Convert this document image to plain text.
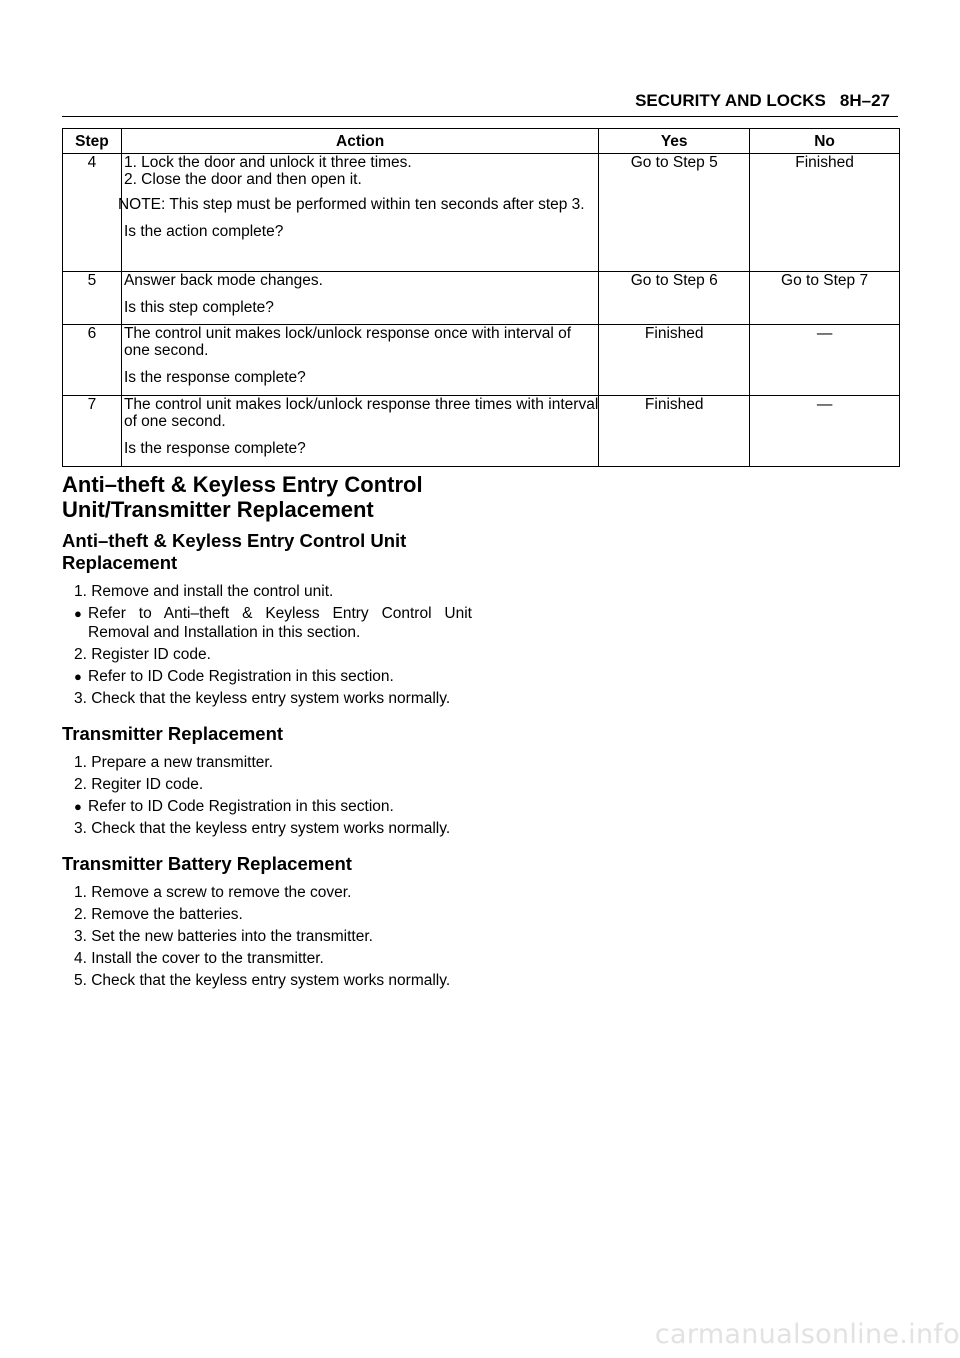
SECURITY AND LOCKS 8H–27
Step	Action	Yes	No
4	1. Lock the door and unlock it three times.
2. Close the door and then open it.
NOTE: This step must be performed within ten seconds after step 3.
Is the action complete?	Go to Step 5	Finished
5	Answer back mode changes.
Is this step complete?	Go to Step 6	Go to Step 7
6	The control unit makes lock/unlock response once with interval of one second.
Is the response complete?	Finished	—
7	The control unit makes lock/unlock response three times with interval of one second.
Is the response complete?	Finished	—
Anti–theft & Keyless Entry Control Unit/Transmitter Replacement
Anti–theft & Keyless Entry Control Unit Replacement
1. Remove and install the control unit.
● Refer to Anti–theft & Keyless Entry Control Unit Removal and Installation in this section.
2. Register ID code.
● Refer to ID Code Registration in this section.
3. Check that the keyless entry system works normally.
Transmitter Replacement
1. Prepare a new transmitter.
2. Regiter ID code.
● Refer to ID Code Registration in this section.
3. Check that the keyless entry system works normally.
Transmitter Battery Replacement
1. Remove a screw to remove the cover.
2. Remove the batteries.
3. Set the new batteries into the transmitter.
4. Install the cover to the transmitter.
5. Check that the keyless entry system works normally.
carmanualsonline.info
